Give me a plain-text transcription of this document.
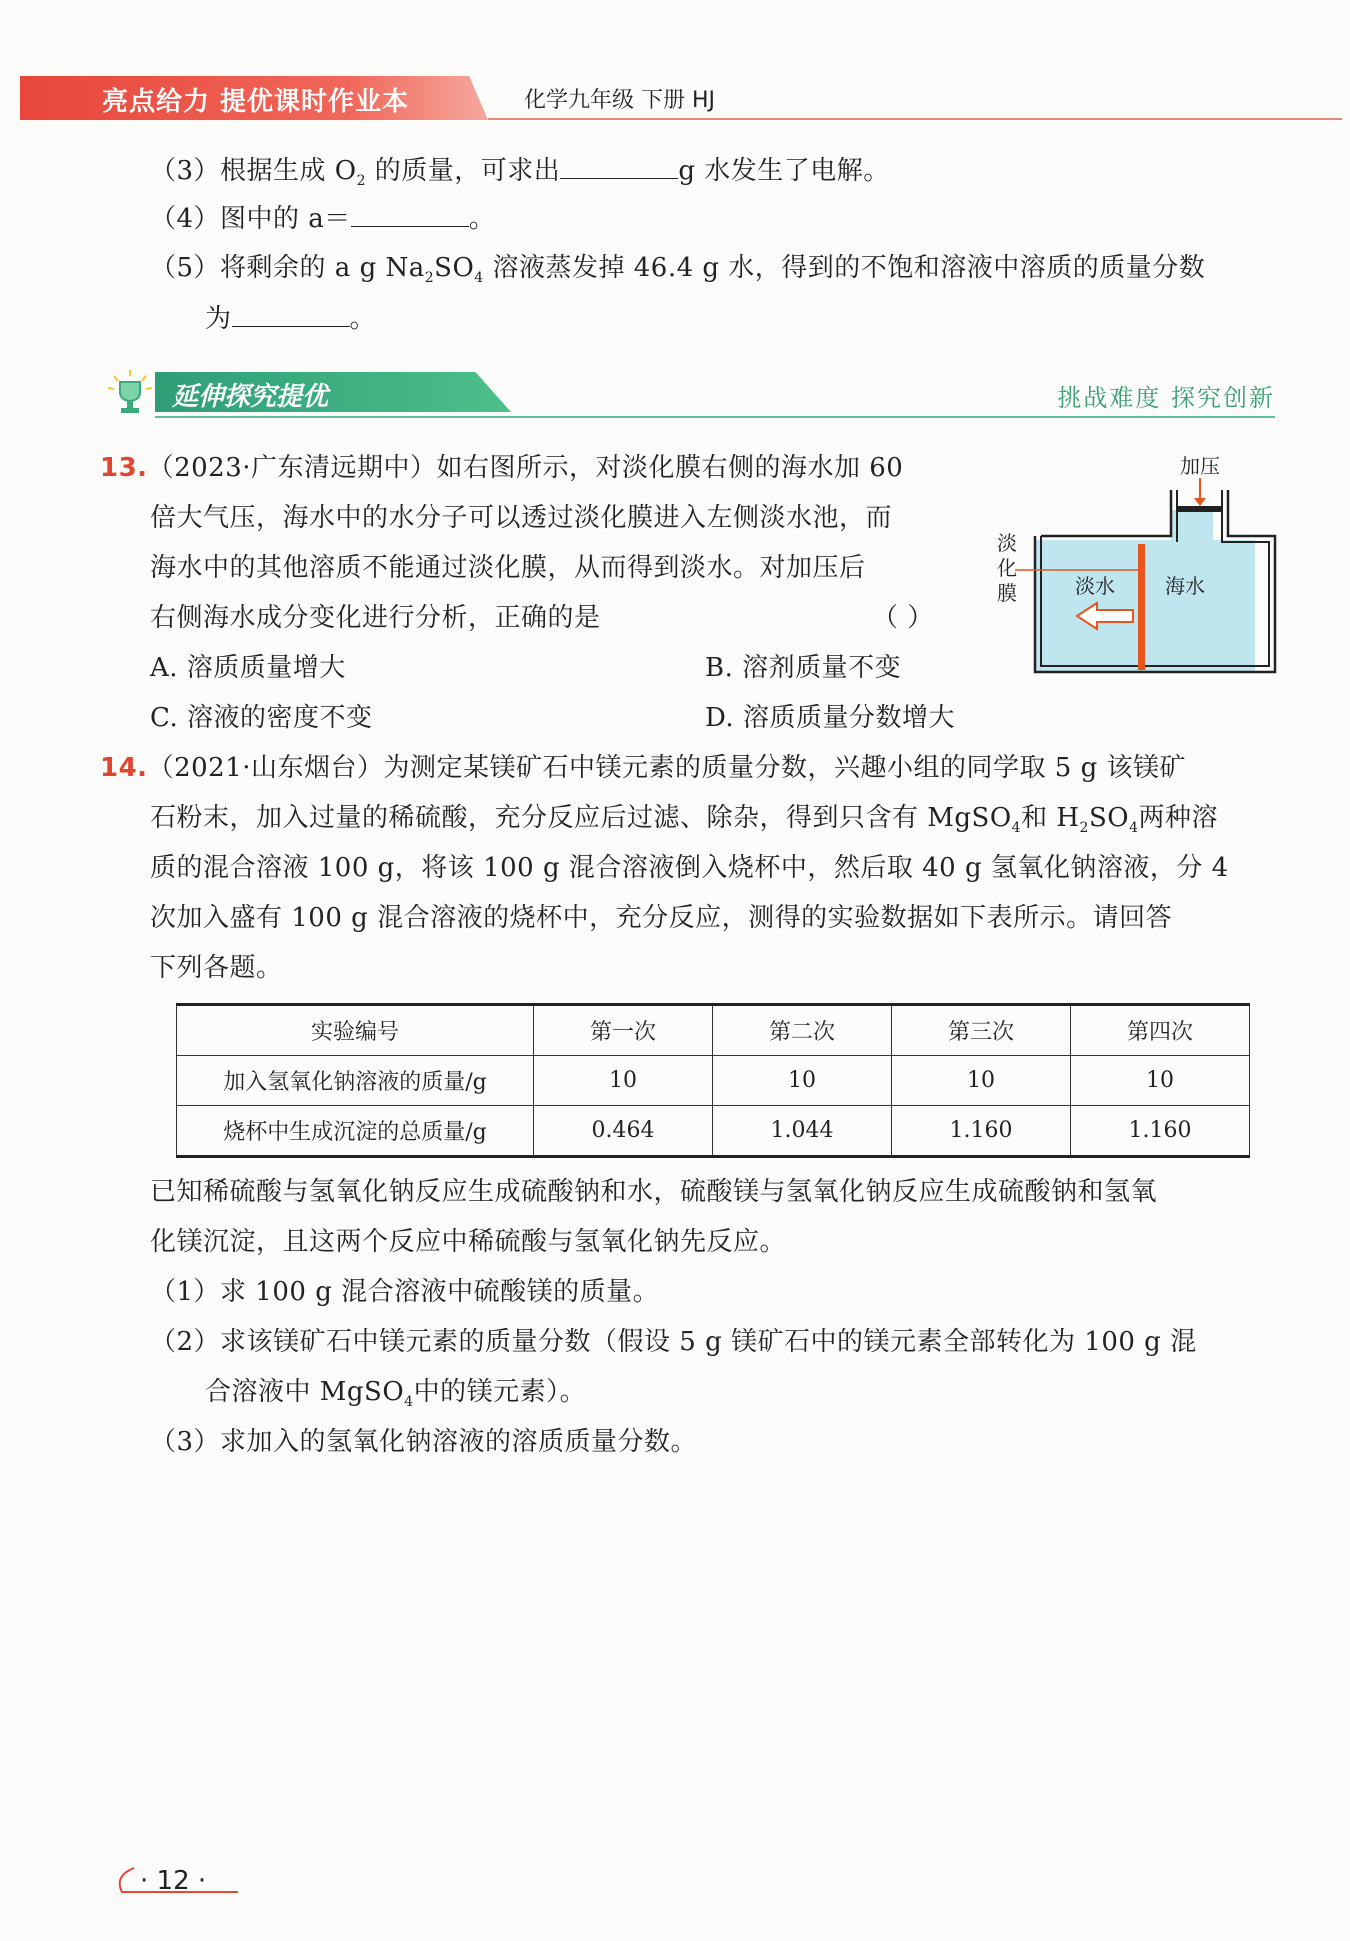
亮点给力 提优课时作业本	化学九年级 下册 HJ
（3）根据生成 $O_2$ 的质量，可求出	g 水发生了电解。
（4）图中的 a＝	。
（5）将剩余的 a g $Na_2SO_4$ 溶液蒸发掉 46.4 g 水，得到的不饱和溶液中溶质的质量分数
为	。
延伸探究提优	挑战难度 探究创新
13.（2023·广东清远期中）如右图所示，对淡化膜右侧的海水加 60
倍大气压，海水中的水分子可以透过淡化膜进入左侧淡水池，而
海水中的其他溶质不能通过淡化膜，从而得到淡水。对加压后
右侧海水成分变化进行分析，正确的是	（ ）
A. 溶质质量增大	B. 溶剂质量不变
C. 溶液的密度不变	D. 溶质质量分数增大
加压
淡水	海水
淡化膜
14.（2021·山东烟台）为测定某镁矿石中镁元素的质量分数，兴趣小组的同学取 5 g 该镁矿
石粉末，加入过量的稀硫酸，充分反应后过滤、除杂，得到只含有 MgSO$_4$和 $H_2SO_4$两种溶
质的混合溶液 100 g，将该 100 g 混合溶液倒入烧杯中，然后取 40 g 氢氧化钠溶液，分 4
次加入盛有 100 g 混合溶液的烧杯中，充分反应，测得的实验数据如下表所示。请回答
下列各题。
实验编号	第一次	第二次	第三次	第四次
加入氢氧化钠溶液的质量/g	10	10	10	10
烧杯中生成沉淀的总质量/g	0.464	1.044	1.160	1.160
已知稀硫酸与氢氧化钠反应生成硫酸钠和水，硫酸镁与氢氧化钠反应生成硫酸钠和氢氧
化镁沉淀，且这两个反应中稀硫酸与氢氧化钠先反应。
（1）求 100 g 混合溶液中硫酸镁的质量。
（2）求该镁矿石中镁元素的质量分数（假设 5 g 镁矿石中的镁元素全部转化为 100 g 混
合溶液中 MgSO$_4$中的镁元素）。
（3）求加入的氢氧化钠溶液的溶质质量分数。
· 12 ·
